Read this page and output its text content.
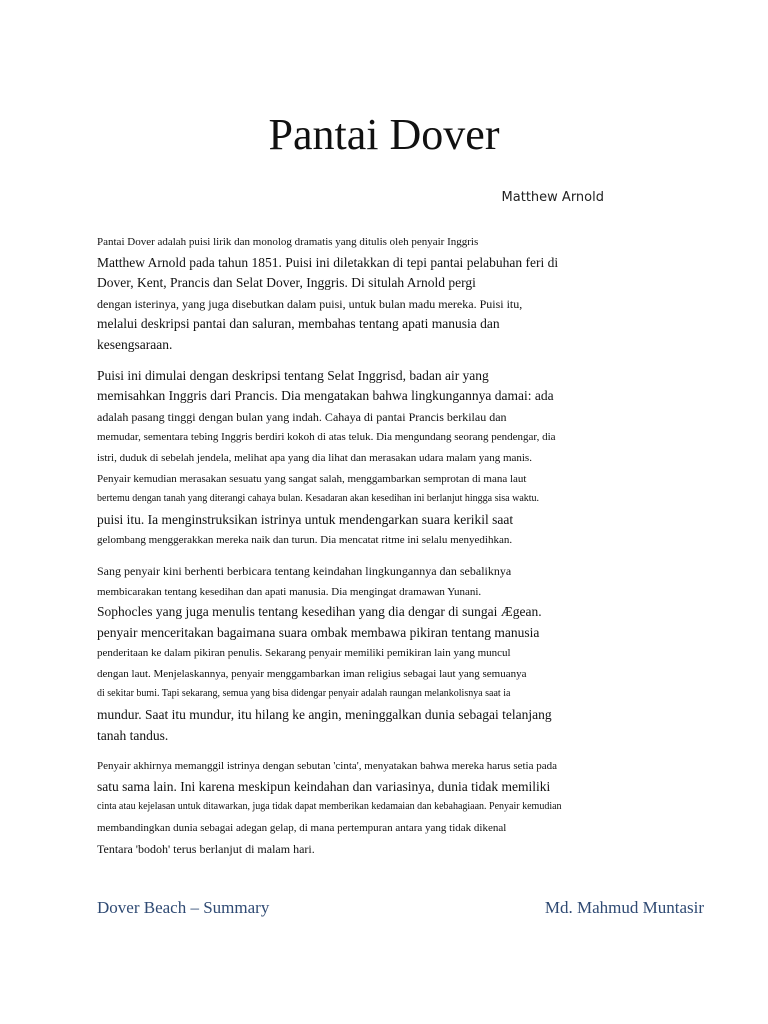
Pantai Dover

Matthew Arnold

Pantai Dover adalah puisi lirik dan monolog dramatis yang ditulis oleh penyair Inggris
Matthew Arnold pada tahun 1851. Puisi ini diletakkan di tepi pantai pelabuhan feri di
Dover, Kent, Prancis dan Selat Dover, Inggris. Di situlah Arnold pergi
dengan isterinya, yang juga disebutkan dalam puisi, untuk bulan madu mereka. Puisi itu,
melalui deskripsi pantai dan saluran, membahas tentang apati manusia dan
kesengsaraan.

Puisi ini dimulai dengan deskripsi tentang Selat Inggrisd, badan air yang
memisahkan Inggris dari Prancis. Dia mengatakan bahwa lingkungannya damai: ada
adalah pasang tinggi dengan bulan yang indah. Cahaya di pantai Prancis berkilau dan
memudar, sementara tebing Inggris berdiri kokoh di atas teluk. Dia mengundang seorang pendengar, dia
istri, duduk di sebelah jendela, melihat apa yang dia lihat dan merasakan udara malam yang manis.
Penyair kemudian merasakan sesuatu yang sangat salah, menggambarkan semprotan di mana laut
bertemu dengan tanah yang diterangi cahaya bulan. Kesadaran akan kesedihan ini berlanjut hingga sisa waktu.
puisi itu. Ia menginstruksikan istrinya untuk mendengarkan suara kerikil saat
gelombang menggerakkan mereka naik dan turun. Dia mencatat ritme ini selalu menyedihkan.

Sang penyair kini berhenti berbicara tentang keindahan lingkungannya dan sebaliknya
membicarakan tentang kesedihan dan apati manusia. Dia mengingat dramawan Yunani.
Sophocles yang juga menulis tentang kesedihan yang dia dengar di sungai Ægean.
penyair menceritakan bagaimana suara ombak membawa pikiran tentang manusia
penderitaan ke dalam pikiran penulis. Sekarang penyair memiliki pemikiran lain yang muncul
dengan laut. Menjelaskannya, penyair menggambarkan iman religius sebagai laut yang semuanya
di sekitar bumi. Tapi sekarang, semua yang bisa didengar penyair adalah raungan melankolisnya saat ia
mundur. Saat itu mundur, itu hilang ke angin, meninggalkan dunia sebagai telanjang
tanah tandus.

Penyair akhirnya memanggil istrinya dengan sebutan 'cinta', menyatakan bahwa mereka harus setia pada
satu sama lain. Ini karena meskipun keindahan dan variasinya, dunia tidak memiliki
cinta atau kejelasan untuk ditawarkan, juga tidak dapat memberikan kedamaian dan kebahagiaan. Penyair kemudian
membandingkan dunia sebagai adegan gelap, di mana pertempuran antara yang tidak dikenal
Tentara 'bodoh' terus berlanjut di malam hari.

Dover Beach – Summary	Md. Mahmud Muntasir
